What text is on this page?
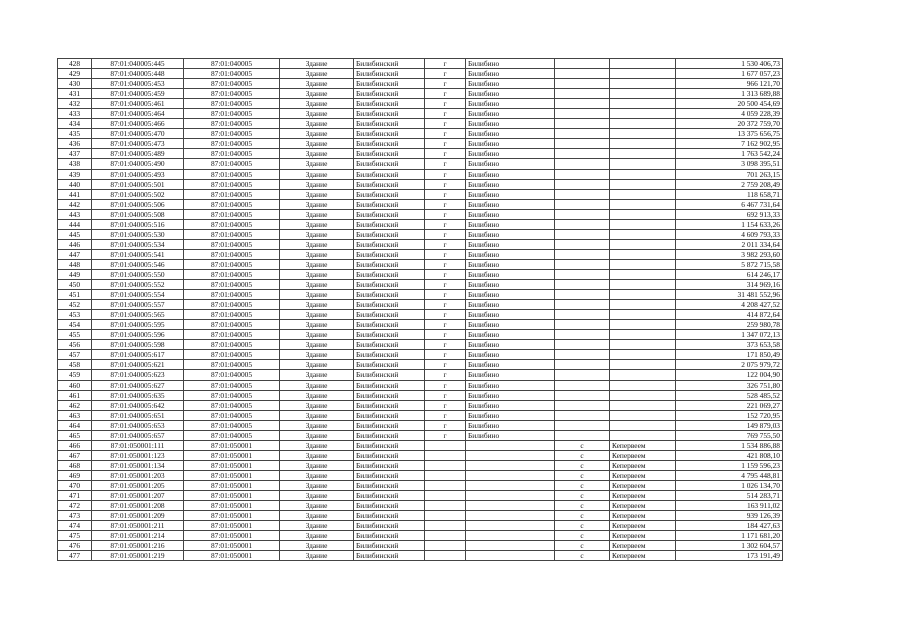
428	87:01:040005:445	87:01:040005	Здание	Билибинский	г	Билибино			1 530 406,73
429	87:01:040005:448	87:01:040005	Здание	Билибинский	г	Билибино			1 677 057,23
430	87:01:040005:453	87:01:040005	Здание	Билибинский	г	Билибино			966 121,70
431	87:01:040005:459	87:01:040005	Здание	Билибинский	г	Билибино			1 313 689,88
432	87:01:040005:461	87:01:040005	Здание	Билибинский	г	Билибино			20 500 454,69
433	87:01:040005:464	87:01:040005	Здание	Билибинский	г	Билибино			4 059 228,39
434	87:01:040005:466	87:01:040005	Здание	Билибинский	г	Билибино			20 372 759,70
435	87:01:040005:470	87:01:040005	Здание	Билибинский	г	Билибино			13 375 656,75
436	87:01:040005:473	87:01:040005	Здание	Билибинский	г	Билибино			7 162 902,95
437	87:01:040005:489	87:01:040005	Здание	Билибинский	г	Билибино			1 763 542,24
438	87:01:040005:490	87:01:040005	Здание	Билибинский	г	Билибино			3 098 395,51
439	87:01:040005:493	87:01:040005	Здание	Билибинский	г	Билибино			701 263,15
440	87:01:040005:501	87:01:040005	Здание	Билибинский	г	Билибино			2 759 208,49
441	87:01:040005:502	87:01:040005	Здание	Билибинский	г	Билибино			118 658,71
442	87:01:040005:506	87:01:040005	Здание	Билибинский	г	Билибино			6 467 731,64
443	87:01:040005:508	87:01:040005	Здание	Билибинский	г	Билибино			692 913,33
444	87:01:040005:516	87:01:040005	Здание	Билибинский	г	Билибино			1 154 633,26
445	87:01:040005:530	87:01:040005	Здание	Билибинский	г	Билибино			4 609 793,33
446	87:01:040005:534	87:01:040005	Здание	Билибинский	г	Билибино			2 011 334,64
447	87:01:040005:541	87:01:040005	Здание	Билибинский	г	Билибино			3 982 293,60
448	87:01:040005:546	87:01:040005	Здание	Билибинский	г	Билибино			5 872 715,58
449	87:01:040005:550	87:01:040005	Здание	Билибинский	г	Билибино			614 246,17
450	87:01:040005:552	87:01:040005	Здание	Билибинский	г	Билибино			314 969,16
451	87:01:040005:554	87:01:040005	Здание	Билибинский	г	Билибино			31 481 552,96
452	87:01:040005:557	87:01:040005	Здание	Билибинский	г	Билибино			4 208 427,52
453	87:01:040005:565	87:01:040005	Здание	Билибинский	г	Билибино			414 872,64
454	87:01:040005:595	87:01:040005	Здание	Билибинский	г	Билибино			259 980,78
455	87:01:040005:596	87:01:040005	Здание	Билибинский	г	Билибино			1 347 072,13
456	87:01:040005:598	87:01:040005	Здание	Билибинский	г	Билибино			373 653,58
457	87:01:040005:617	87:01:040005	Здание	Билибинский	г	Билибино			171 850,49
458	87:01:040005:621	87:01:040005	Здание	Билибинский	г	Билибино			2 075 979,72
459	87:01:040005:623	87:01:040005	Здание	Билибинский	г	Билибино			122 004,90
460	87:01:040005:627	87:01:040005	Здание	Билибинский	г	Билибино			326 751,80
461	87:01:040005:635	87:01:040005	Здание	Билибинский	г	Билибино			528 485,52
462	87:01:040005:642	87:01:040005	Здание	Билибинский	г	Билибино			221 069,27
463	87:01:040005:651	87:01:040005	Здание	Билибинский	г	Билибино			152 720,95
464	87:01:040005:653	87:01:040005	Здание	Билибинский	г	Билибино			149 879,03
465	87:01:040005:657	87:01:040005	Здание	Билибинский	г	Билибино			769 755,50
466	87:01:050001:111	87:01:050001	Здание	Билибинский			с	Кепервеем	1 534 886,88
467	87:01:050001:123	87:01:050001	Здание	Билибинский			с	Кепервеем	421 808,10
468	87:01:050001:134	87:01:050001	Здание	Билибинский			с	Кепервеем	1 159 596,23
469	87:01:050001:203	87:01:050001	Здание	Билибинский			с	Кепервеем	4 795 448,81
470	87:01:050001:205	87:01:050001	Здание	Билибинский			с	Кепервеем	1 026 134,70
471	87:01:050001:207	87:01:050001	Здание	Билибинский			с	Кепервеем	514 283,71
472	87:01:050001:208	87:01:050001	Здание	Билибинский			с	Кепервеем	163 911,02
473	87:01:050001:209	87:01:050001	Здание	Билибинский			с	Кепервеем	939 126,39
474	87:01:050001:211	87:01:050001	Здание	Билибинский			с	Кепервеем	184 427,63
475	87:01:050001:214	87:01:050001	Здание	Билибинский			с	Кепервеем	1 171 681,20
476	87:01:050001:216	87:01:050001	Здание	Билибинский			с	Кепервеем	1 302 604,57
477	87:01:050001:219	87:01:050001	Здание	Билибинский			с	Кепервеем	173 191,49
